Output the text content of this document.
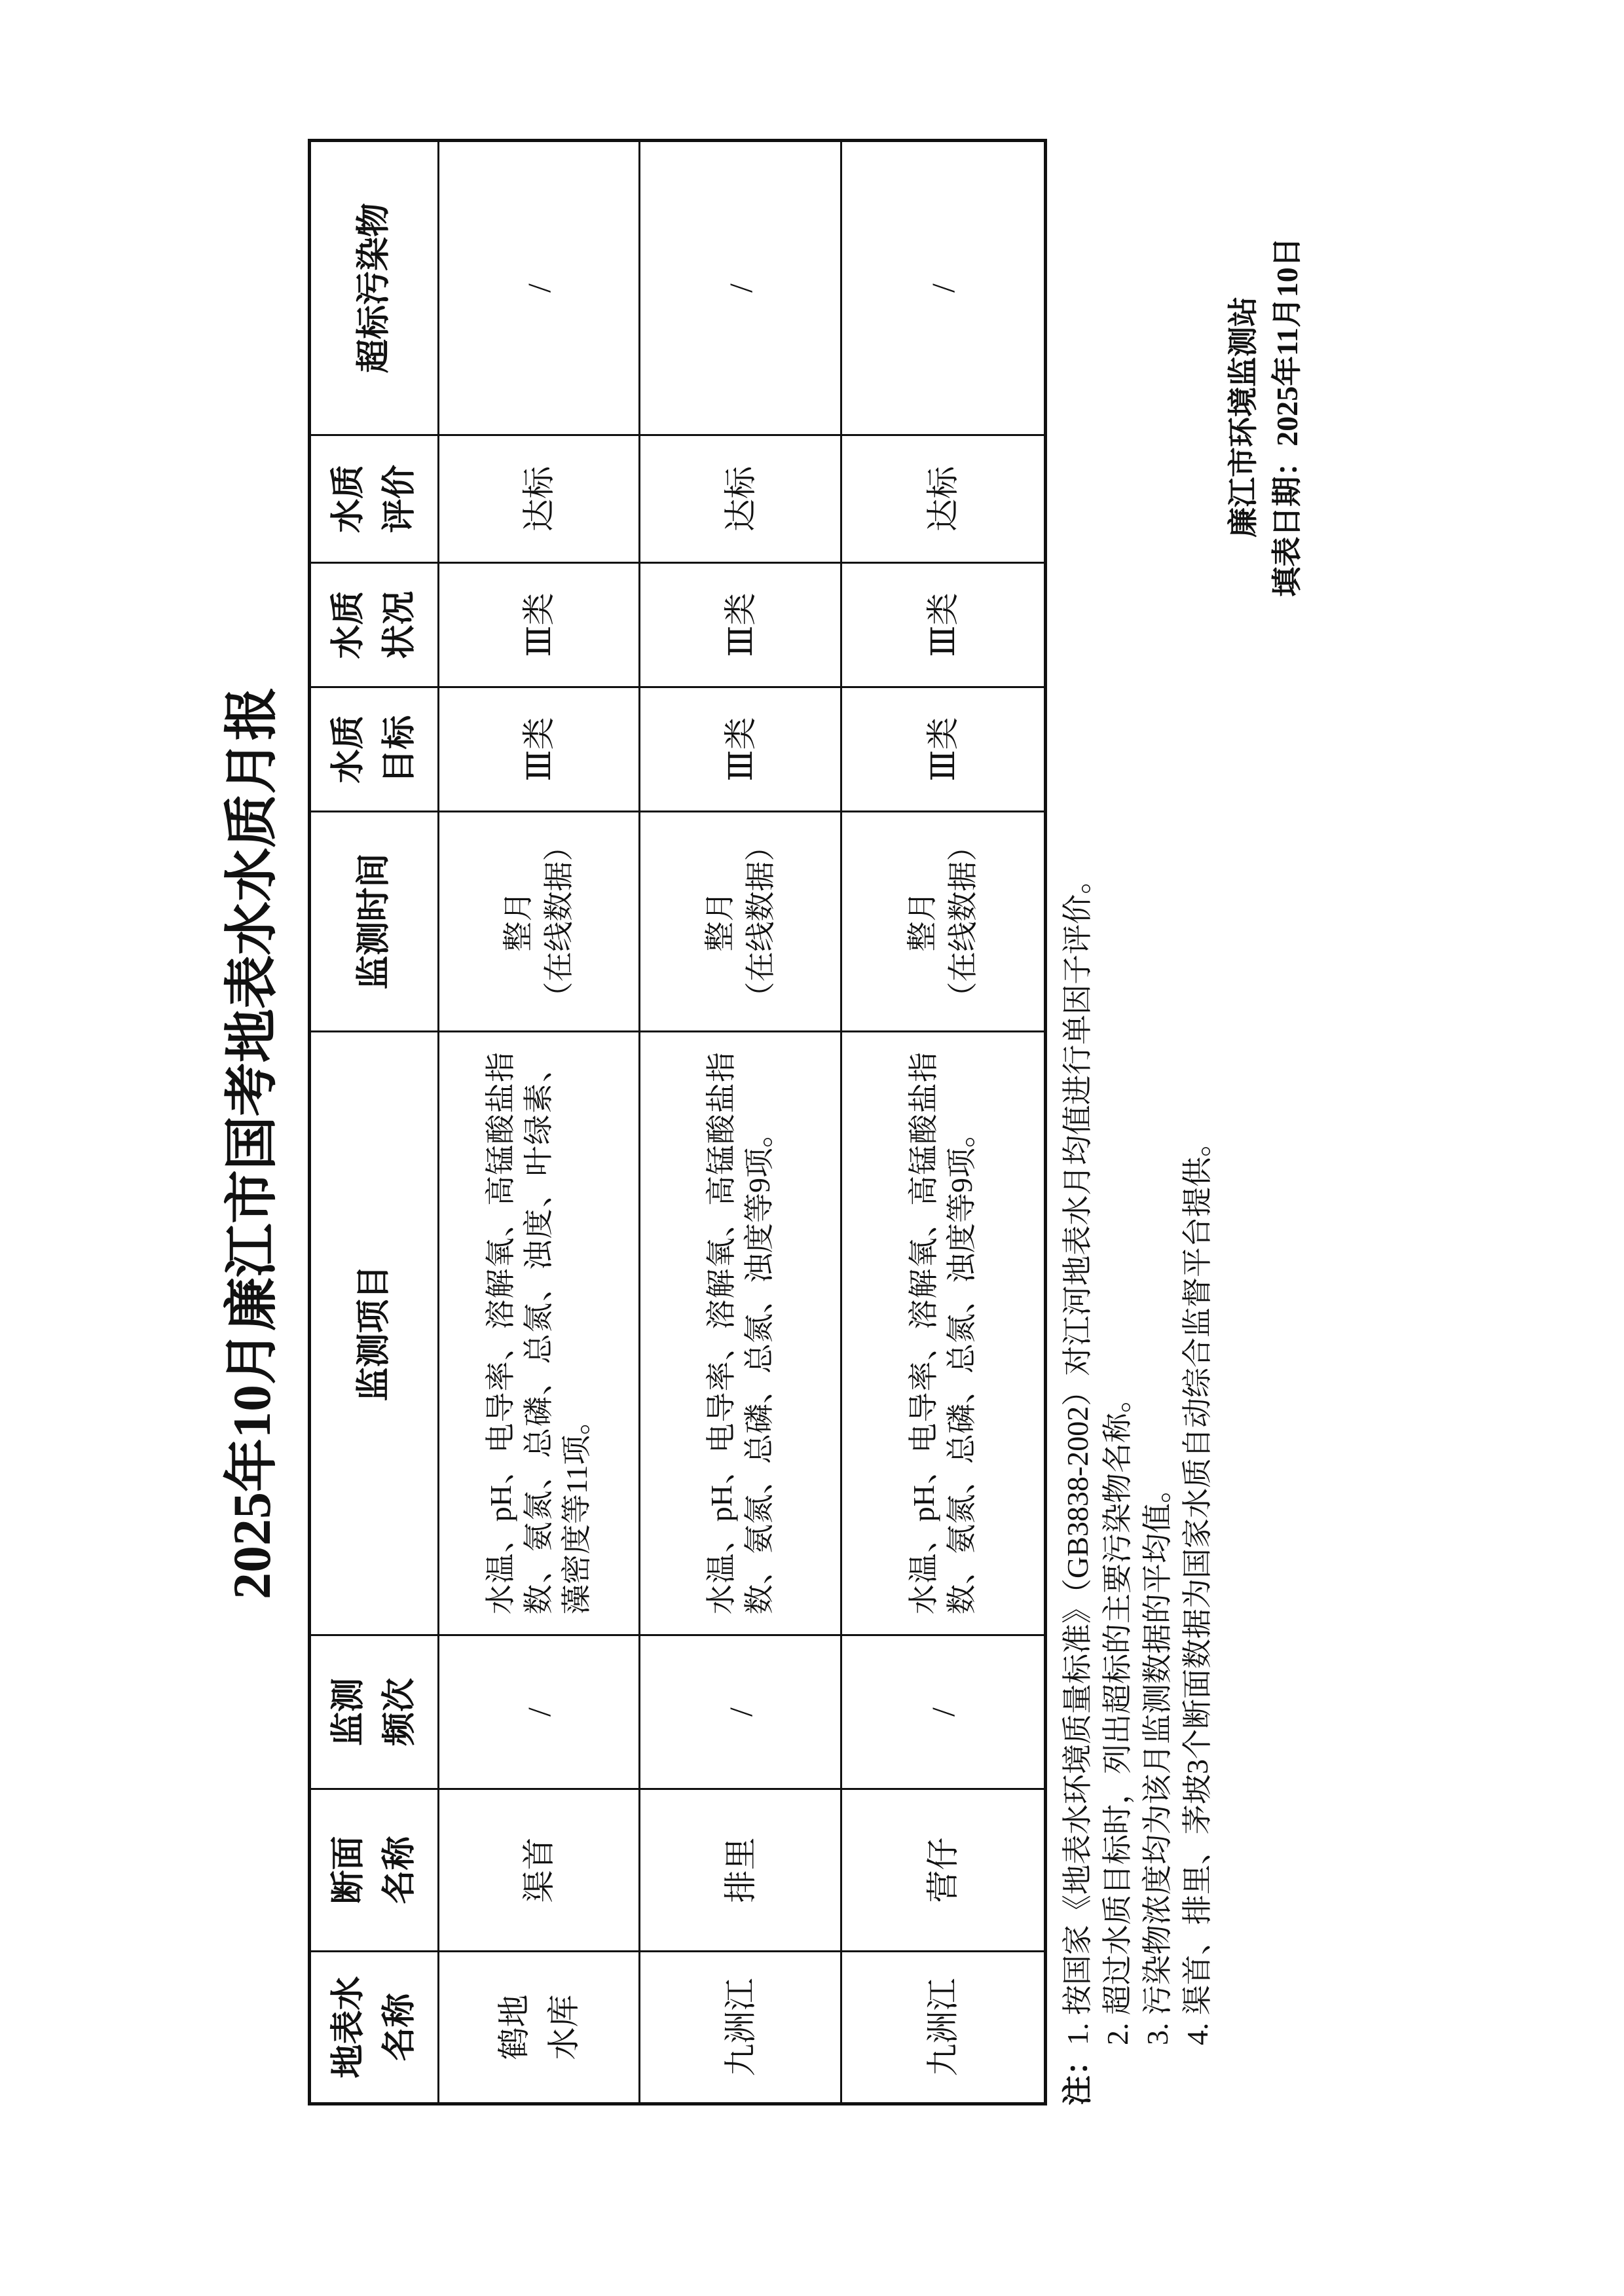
2025年10月廉江市国考地表水水质月报
地表水名称	断面名称	监测频次	监测项目	监测时间	水质目标	水质状况	水质评价	超标污染物
鹤地水库	渠首	/	水温、pH、电导率、溶解氧、高锰酸盐指数、氨氮、总磷、总氮、浊度、叶绿素、藻密度等11项。	整月 （在线数据）	Ⅲ类	Ⅲ类	达标	/
九洲江	排里	/	水温、pH、电导率、溶解氧、高锰酸盐指数、氨氮、总磷、总氮、浊度等9项。	整月 （在线数据）	Ⅲ类	Ⅲ类	达标	/
九洲江	营仔	/	水温、pH、电导率、溶解氧、高锰酸盐指数、氨氮、总磷、总氮、浊度等9项。	整月 （在线数据）	Ⅲ类	Ⅲ类	达标	/
注：
1. 按国家《地表水环境质量标准》（GB3838-2002）对江河地表水月均值进行单因子评价。 2. 超过水质目标时，列出超标的主要污染物名称。 3. 污染物浓度均为该月监测数据的平均值。 4. 渠首、排里、茅坡3个断面数据为国家水质自动综合监督平台提供。
廉江市环境监测站 填表日期：2025年11月10日
